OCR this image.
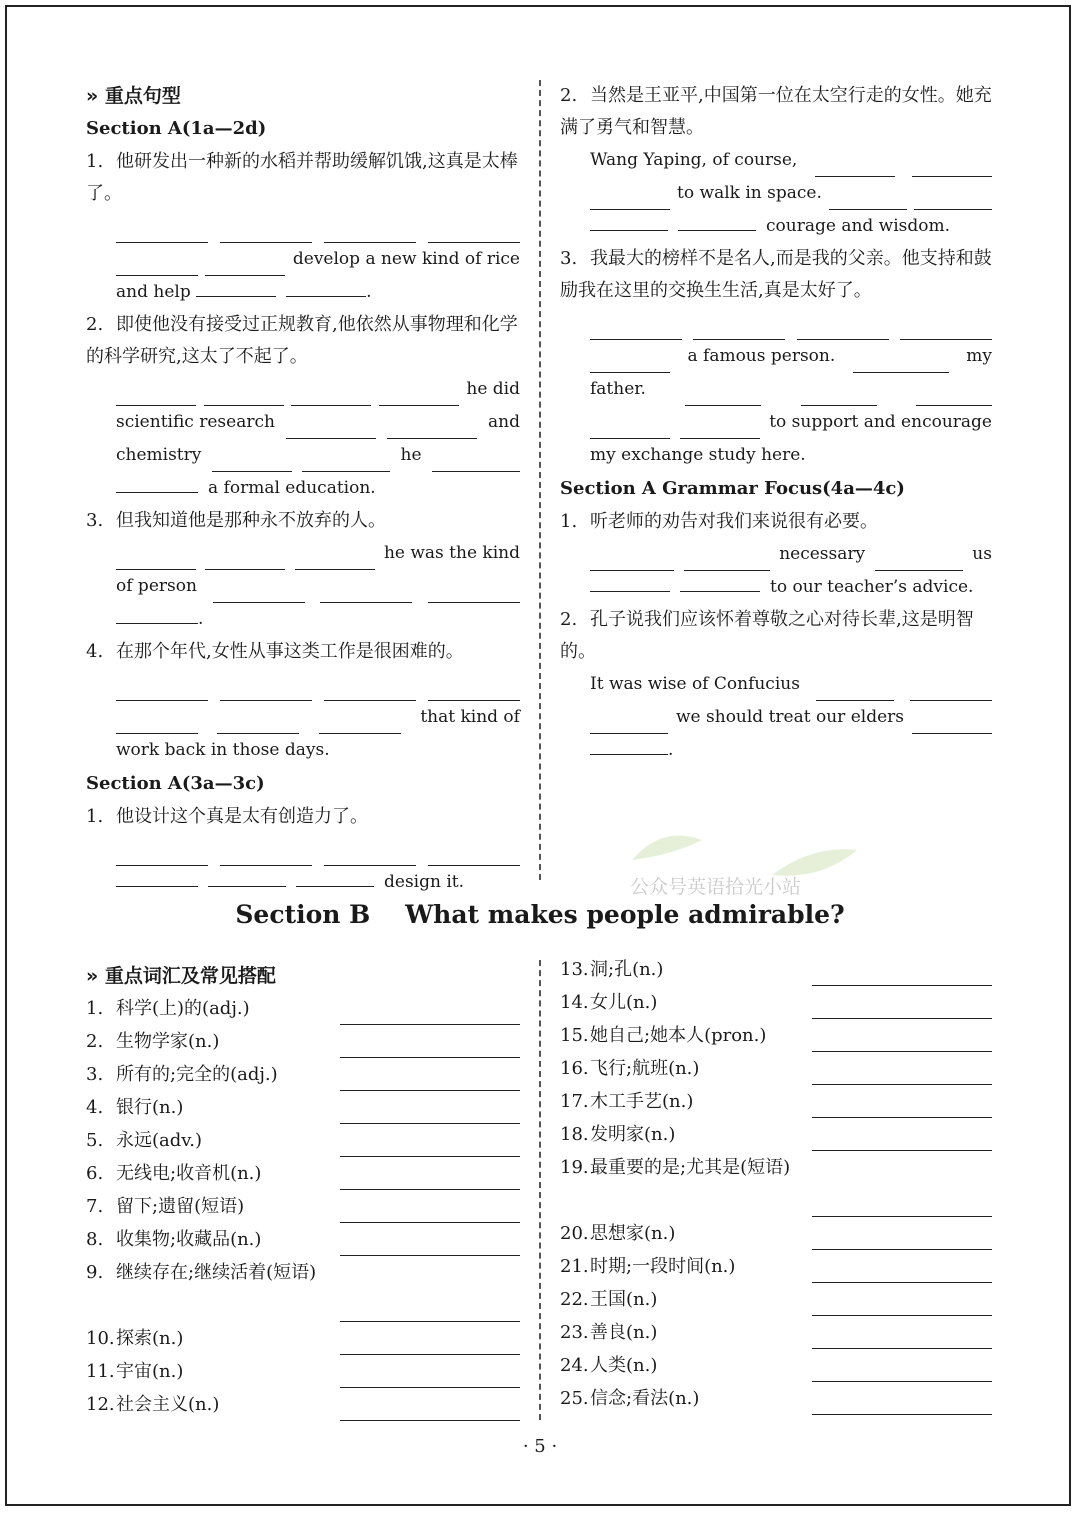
» 重点句型
Section A(1a—2d)
1. 他研发出一种新的水稻并帮助缓解饥饿,这真是太棒了。
develop a new kind of rice
and help	.
2. 即使他没有接受过正规教育,他依然从事物理和化学的科学研究,这太了不起了。
he did
scientific research	and
chemistry	he
a formal education.
3. 但我知道他是那种永不放弃的人。
he was the kind
of person
.
4. 在那个年代,女性从事这类工作是很困难的。
that kind of
work back in those days.
Section A(3a—3c)
1. 他设计这个真是太有创造力了。
design it.
2. 当然是王亚平,中国第一位在太空行走的女性。她充满了勇气和智慧。
Wang Yaping, of course,
to walk in space.
courage and wisdom.
3. 我最大的榜样不是名人,而是我的父亲。他支持和鼓励我在这里的交换生生活,真是太好了。
a famous person.	my
father.
to support and encourage
my exchange study here.
Section A Grammar Focus(4a—4c)
1. 听老师的劝告对我们来说很有必要。
necessary	us
to our teacher’s advice.
2. 孔子说我们应该怀着尊敬之心对待长辈,这是明智的。
It was wise of Confucius
we should treat our elders
.
公众号英语拾光小站
Section B    What makes people admirable?
» 重点词汇及常见搭配
1. 科学(上)的(adj.)
2. 生物学家(n.)
3. 所有的;完全的(adj.)
4. 银行(n.)
5. 永远(adv.)
6. 无线电;收音机(n.)
7. 留下;遗留(短语)
8. 收集物;收藏品(n.)
9. 继续存在;继续活着(短语)
10. 探索(n.)
11. 宇宙(n.)
12. 社会主义(n.)
13. 洞;孔(n.)
14. 女儿(n.)
15. 她自己;她本人(pron.)
16. 飞行;航班(n.)
17. 木工手艺(n.)
18. 发明家(n.)
19. 最重要的是;尤其是(短语)
20. 思想家(n.)
21. 时期;一段时间(n.)
22. 王国(n.)
23. 善良(n.)
24. 人类(n.)
25. 信念;看法(n.)
· 5 ·
